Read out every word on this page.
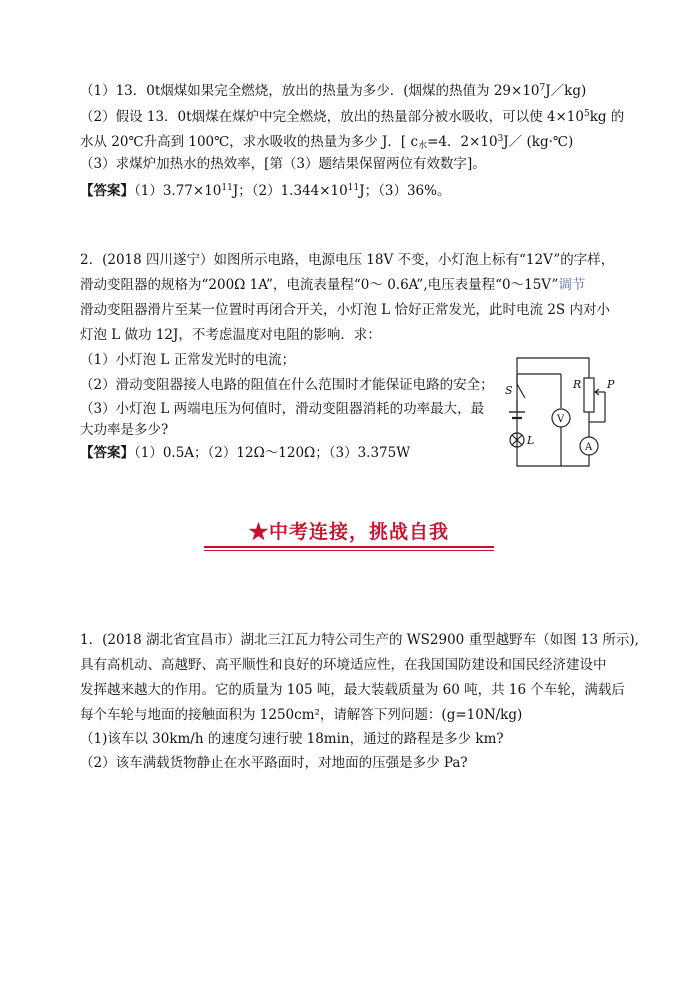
（1）13．0t烟煤如果完全燃烧，放出的热量为多少．(烟煤的热值为 $29\times 10^7J/kg$)
（2）假设 13．0t烟煤在煤炉中完全燃烧，放出的热量部分被水吸收，可以使 $4\times 10^5kg$ 的
水从 20℃升高到 100℃，求水吸收的热量为多少 J．[ $c_水=4$．$2\times 10^3J/$ (kg·℃)
（3）求煤炉加热水的热效率，[第（3）题结果保留两位有效数字]。
【答案】$(1)3.77\times 10^{11}J$；$(2)1.344\times 10^{11}J$；（3）36%。
2．(2018 四川遂宁）如图所示电路，电源电压 18V 不变，小灯泡上标有“12V”的字样，
滑动变阻器的规格为“200Ω 1A”，电流表量程“0～ 0.6A”,电压表量程“0～15V”调节
滑动变阻器滑片至某一位置时再闭合开关，小灯泡 L 恰好正常发光，此时电流 2S 内对小
灯泡 L 做功 12J，不考虑温度对电阻的影响．求：
（1）小灯泡 L 正常发光时的电流；
（2）滑动变阻器接人电路的阻值在什么范围时才能保证电路的安全；
（3）小灯泡 L 两端电压为何值时，滑动变阻器消耗的功率最大，最
大功率是多少?
【答案】（1）0.5A；（2）12Ω～120Ω；（3）3.375W
S
L
V
R P
A
★中考连接，挑战自我
1．(2018 湖北省宜昌市）湖北三江瓦力特公司生产的 WS2900 重型越野车（如图 13 所示),
具有高机动、高越野、高平顺性和良好的环境适应性，在我国国防建设和国民经济建设中
发挥越来越大的作用。它的质量为 105 吨，最大装载质量为 60 吨，共 16 个车轮，满载后
每个车轮与地面的接触面积为 1250cm²，请解答下列问题：(g=10N/kg)
（1)该车以 30km/h 的速度匀速行驶 18min，通过的路程是多少 km?
（2）该车满载货物静止在水平路面时，对地面的压强是多少 Pa?
